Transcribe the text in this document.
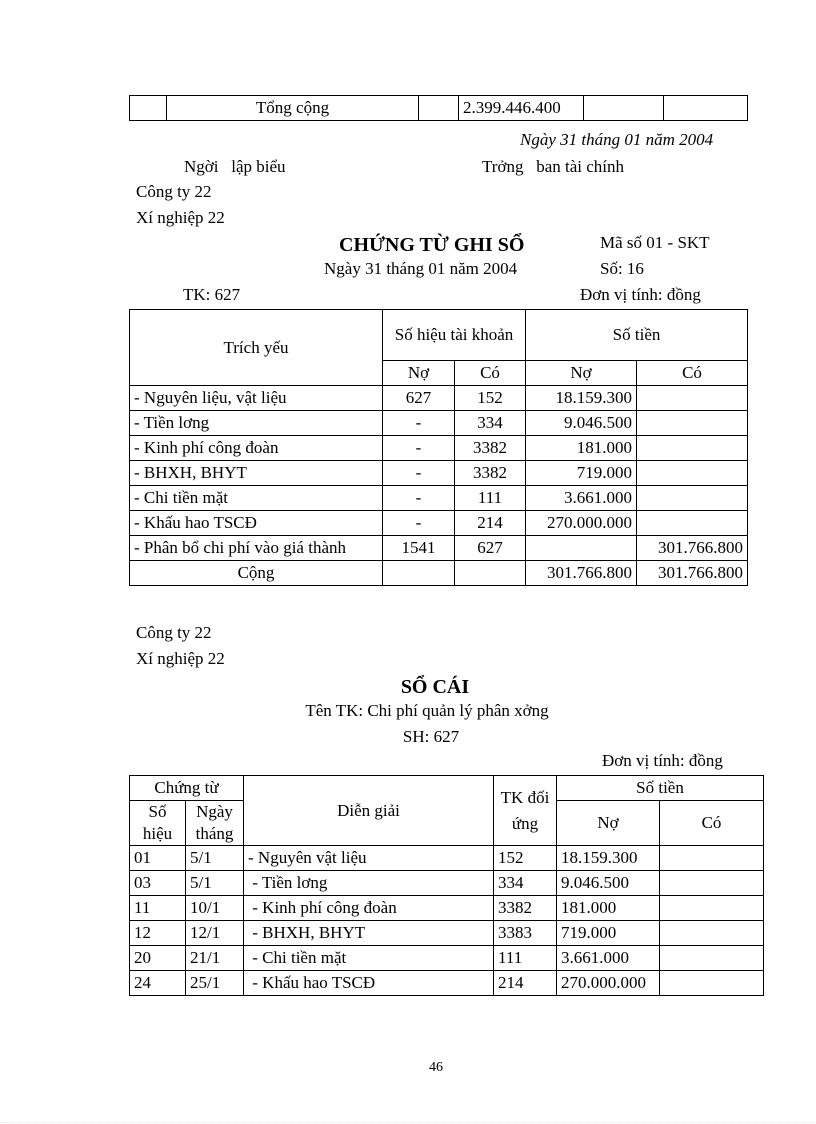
	Tổng cộng		2.399.446.400		
Ngày 31 tháng 01 năm 2004
Ngời   lập biểu	Trởng   ban tài chính
Công ty 22
Xí nghiệp 22
CHỨNG TỪ GHI SỔ	Mã số 01 - SKT
Ngày 31 tháng 01 năm 2004	Số: 16
TK: 627	Đơn vị tính: đồng
Trích yếu	Số hiệu tài khoản		Số tiền	
	Nợ	Có	Nợ	Có
- Nguyên liệu, vật liệu	627	152	18.159.300	
- Tiền lơng	-	334	9.046.500	
- Kinh phí công đoàn	-	3382	181.000	
- BHXH, BHYT	-	3382	719.000	
- Chi tiền mặt	-	111	3.661.000	
- Khấu hao TSCĐ	-	214	270.000.000	
- Phân bổ chi phí vào giá thành	1541	627		301.766.800
Cộng			301.766.800	301.766.800
Công ty 22
Xí nghiệp 22
SỔ CÁI
Tên TK: Chi phí quản lý phân xởng
SH: 627
Đơn vị tính: đồng
Chứng từ		Diễn giải	TK đối ứng	Số tiền	
Số hiệu	Ngày tháng			Nợ	Có

01	5/1	- Nguyên vật liệu	152	18.159.300	
03	5/1	- Tiền lơng	334	9.046.500	
11	10/1	- Kinh phí công đoàn	3382	181.000	
12	12/1	- BHXH, BHYT	3383	719.000	
20	21/1	- Chi tiền mặt	111	3.661.000	
24	25/1	- Khấu hao TSCĐ	214	270.000.000	
46
